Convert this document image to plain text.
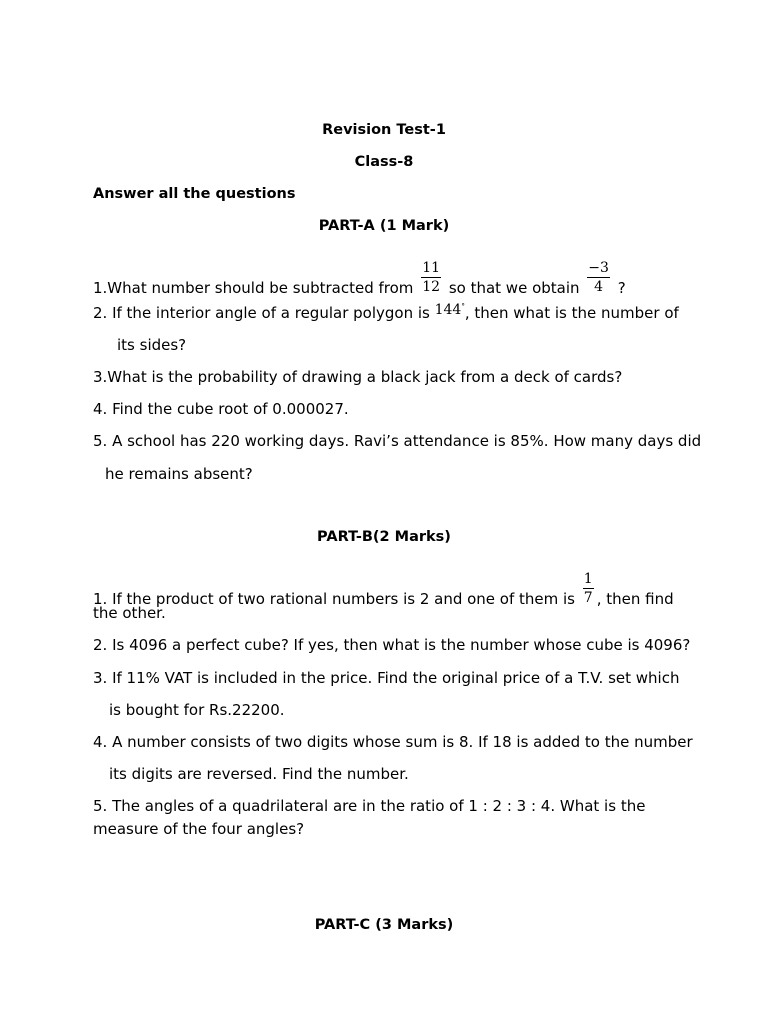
Revision Test-1
Class-8
Answer all the questions
PART-A (1 Mark)
1.What number should be subtracted from $\frac{11}{12}$ so that we obtain $\frac{-3}{4}$ ?
2. If the interior angle of a regular polygon is 144°, then what is the number of
its sides?
3.What is the probability of drawing a black jack from a deck of cards?
4. Find the cube root of 0.000027.
5. A school has 220 working days. Ravi’s attendance is 85%. How many days did
he remains absent?
PART-B(2 Marks)
1. If the product of two rational numbers is 2 and one of them is $\frac{1}{7}$ , then find
the other.
2. Is 4096 a perfect cube? If yes, then what is the number whose cube is 4096?
3. If 11% VAT is included in the price. Find the original price of a T.V. set which
is bought for Rs.22200.
4. A number consists of two digits whose sum is 8. If 18 is added to the number
its digits are reversed. Find the number.
5. The angles of a quadrilateral are in the ratio of 1 : 2 : 3 : 4. What is the
measure of the four angles?
PART-C (3 Marks)
